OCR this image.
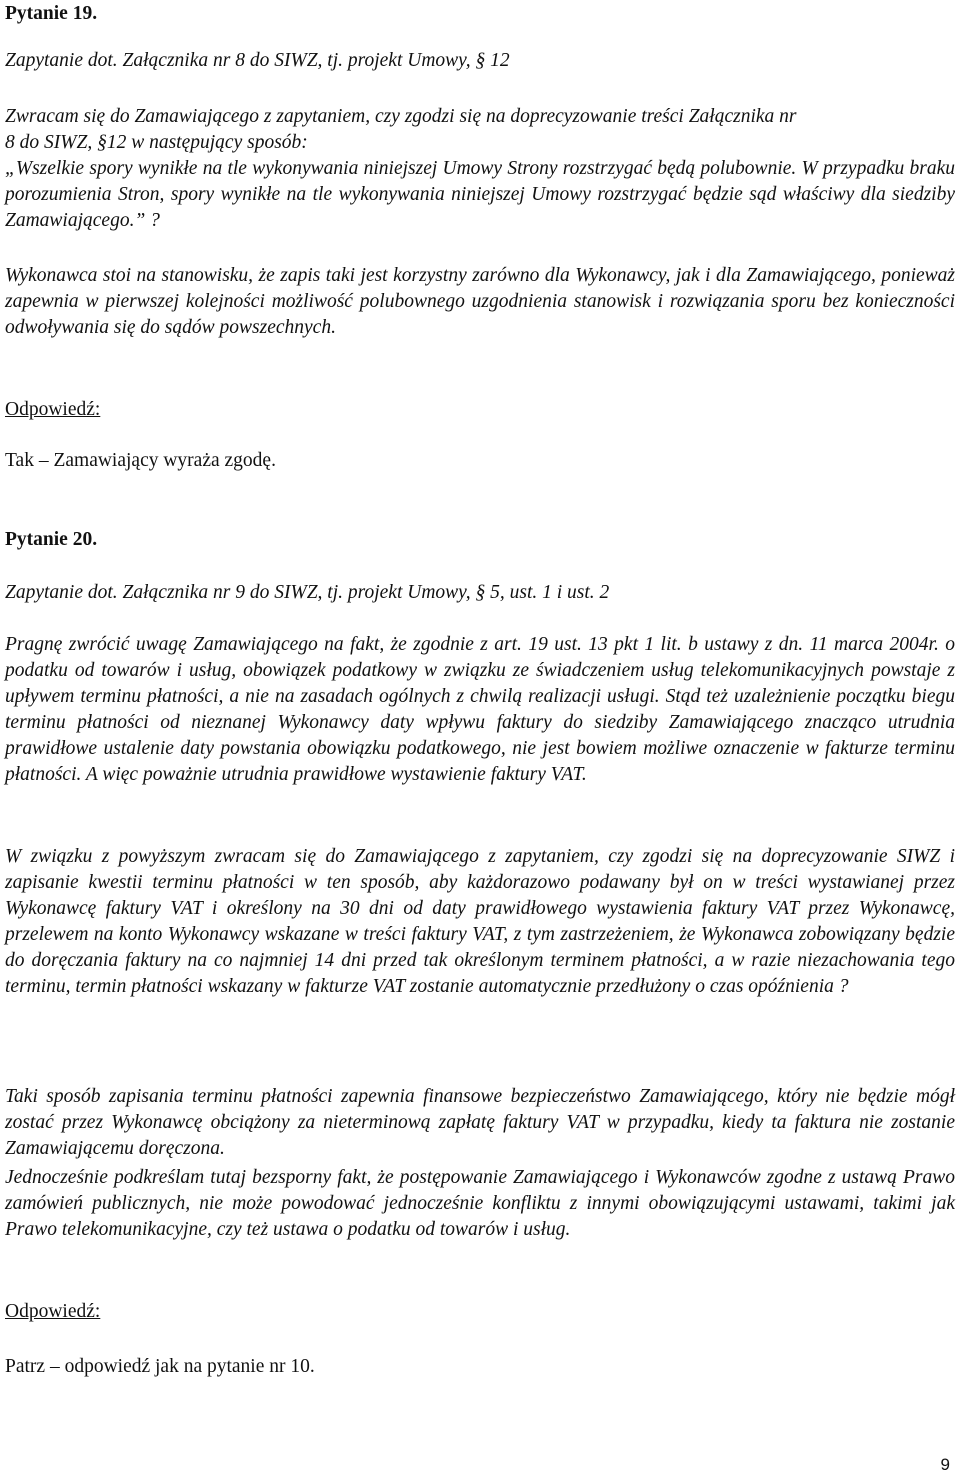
Pytanie 19.
Zapytanie dot. Załącznika nr 8 do SIWZ, tj. projekt Umowy, § 12
Zwracam się do Zamawiającego z zapytaniem, czy zgodzi się na doprecyzowanie treści Załącznika nr
8 do SIWZ, §12 w następujący sposób:
„Wszelkie spory wynikłe na tle wykonywania niniejszej Umowy Strony rozstrzygać będą polubownie. W przypadku braku porozumienia Stron, spory wynikłe na tle wykonywania niniejszej Umowy rozstrzygać będzie sąd właściwy dla siedziby Zamawiającego.” ?
Wykonawca stoi na stanowisku, że zapis taki jest korzystny zarówno dla Wykonawcy, jak i dla Zamawiającego, ponieważ zapewnia w pierwszej kolejności możliwość polubownego uzgodnienia stanowisk i rozwiązania sporu bez konieczności odwoływania się do sądów powszechnych.
Odpowiedź:
Tak – Zamawiający wyraża zgodę.
Pytanie 20.
Zapytanie dot. Załącznika nr 9 do SIWZ, tj. projekt Umowy, § 5, ust. 1 i ust. 2
Pragnę zwrócić uwagę Zamawiającego na fakt, że zgodnie z art. 19 ust. 13 pkt 1 lit. b ustawy z dn. 11 marca 2004r. o podatku od towarów i usług, obowiązek podatkowy w związku ze świadczeniem usług telekomunikacyjnych powstaje z upływem terminu płatności, a nie na zasadach ogólnych z chwilą realizacji usługi. Stąd też uzależnienie początku biegu terminu płatności od nieznanej Wykonawcy daty wpływu faktury do siedziby Zamawiającego znacząco utrudnia prawidłowe ustalenie daty powstania obowiązku podatkowego, nie jest bowiem możliwe oznaczenie w fakturze terminu płatności. A więc poważnie utrudnia prawidłowe wystawienie faktury VAT.
W związku z powyższym zwracam się do Zamawiającego z zapytaniem, czy zgodzi się na doprecyzowanie SIWZ i zapisanie kwestii terminu płatności w ten sposób, aby każdorazowo podawany był on w treści wystawianej przez Wykonawcę faktury VAT i określony na 30 dni od daty prawidłowego wystawienia faktury VAT przez Wykonawcę, przelewem na konto Wykonawcy wskazane w treści faktury VAT, z tym zastrzeżeniem, że Wykonawca zobowiązany będzie do doręczania faktury na co najmniej 14 dni przed tak określonym terminem płatności, a w razie niezachowania tego terminu, termin płatności wskazany w fakturze VAT zostanie automatycznie przedłużony o czas opóźnienia ?
Taki sposób zapisania terminu płatności zapewnia finansowe bezpieczeństwo Zamawiającego, który nie będzie mógł zostać przez Wykonawcę obciążony za nieterminową zapłatę faktury VAT w przypadku, kiedy ta faktura nie zostanie Zamawiającemu doręczona.
Jednocześnie podkreślam tutaj bezsporny fakt, że postępowanie Zamawiającego i Wykonawców zgodne z ustawą Prawo zamówień publicznych, nie może powodować jednocześnie konfliktu z innymi obowiązującymi ustawami, takimi jak Prawo telekomunikacyjne, czy też ustawa o podatku od towarów i usług.
Odpowiedź:
Patrz – odpowiedź jak na pytanie nr 10.
9
